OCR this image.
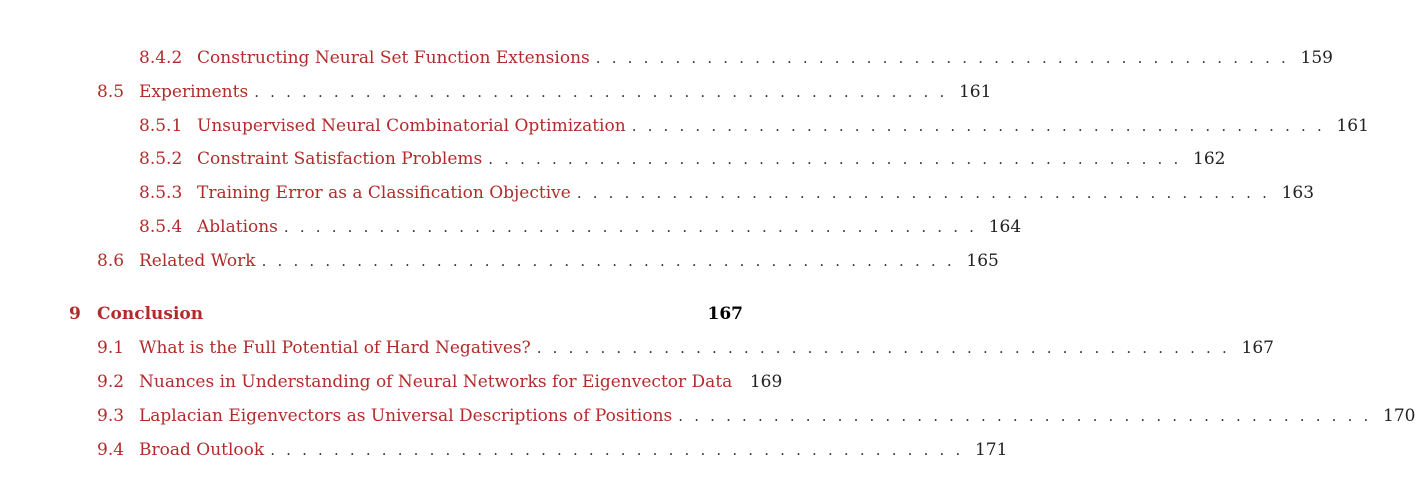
8.4.2 Constructing Neural Set Function Extensions . . . . . . . . . . . . . . . . . . . . . . . . . . . . . . . . . . . . . . . . . . . . 159
8.5 Experiments . . . . . . . . . . . . . . . . . . . . . . . . . . . . . . . . . . . . . . . . . . . . 161
8.5.1 Unsupervised Neural Combinatorial Optimization . . . . . . . . . . . . . . . . . . . . . . . . . . . . . . . . . . . . . . . . . . . . 161
8.5.2 Constraint Satisfaction Problems . . . . . . . . . . . . . . . . . . . . . . . . . . . . . . . . . . . . . . . . . . . . 162
8.5.3 Training Error as a Classification Objective . . . . . . . . . . . . . . . . . . . . . . . . . . . . . . . . . . . . . . . . . . . . 163
8.5.4 Ablations . . . . . . . . . . . . . . . . . . . . . . . . . . . . . . . . . . . . . . . . . . . . 164
8.6 Related Work . . . . . . . . . . . . . . . . . . . . . . . . . . . . . . . . . . . . . . . . . . . . 165
9 Conclusion	167
9.1 What is the Full Potential of Hard Negatives? . . . . . . . . . . . . . . . . . . . . . . . . . . . . . . . . . . . . . . . . . . . . 167
9.2 Nuances in Understanding of Neural Networks for Eigenvector Data 169
9.3 Laplacian Eigenvectors as Universal Descriptions of Positions . . . . . . . . . . . . . . . . . . . . . . . . . . . . . . . . . . . . . . . . . . . . 170
9.4 Broad Outlook . . . . . . . . . . . . . . . . . . . . . . . . . . . . . . . . . . . . . . . . . . . . 171
